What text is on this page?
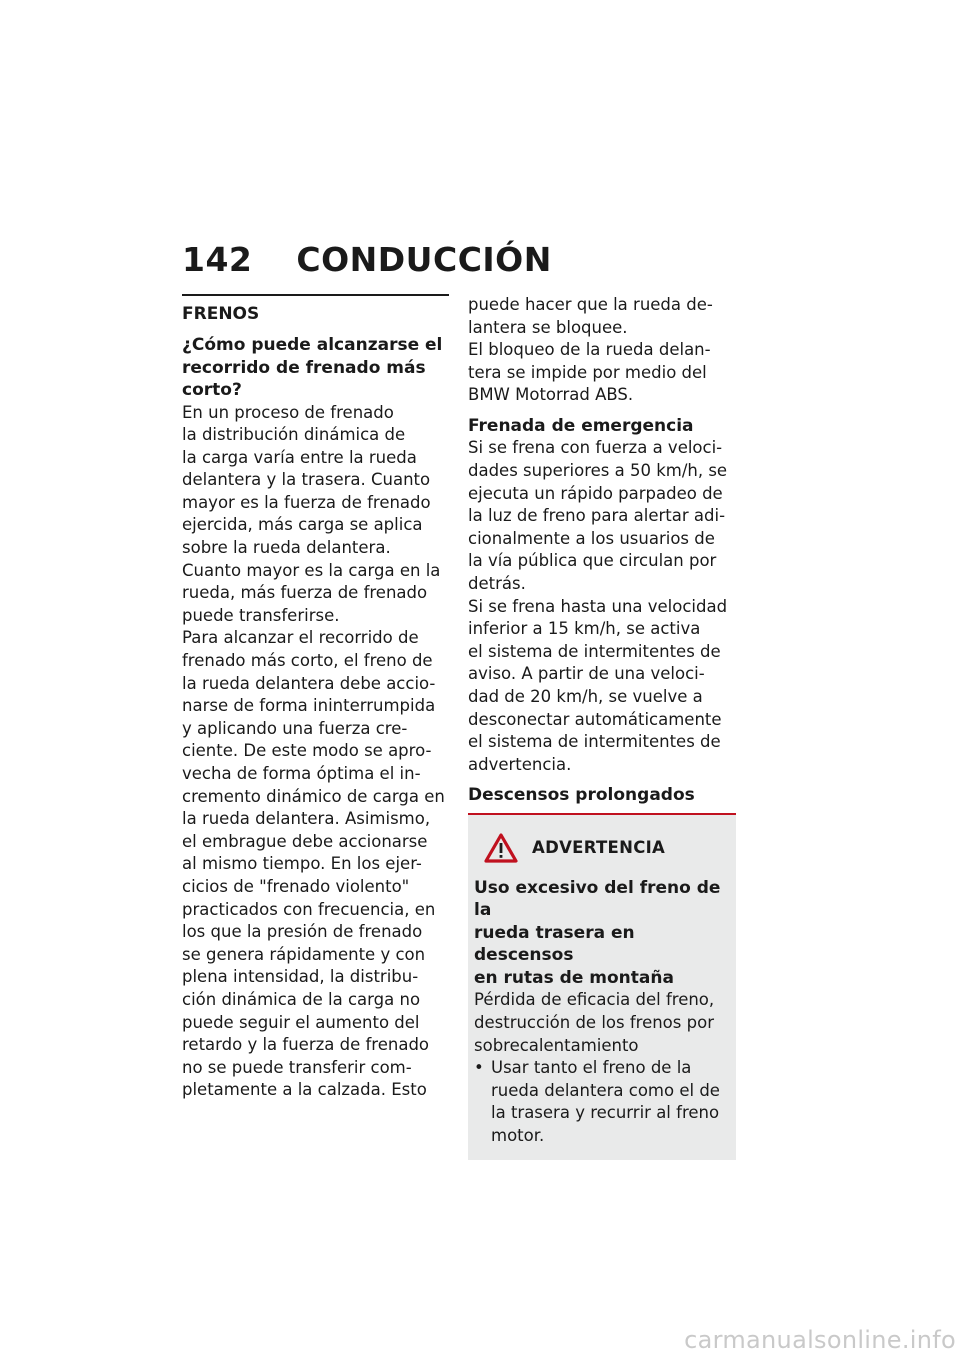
142 CONDUCCIÓN
FRENOS
¿Cómo puede alcanzarse el
recorrido de frenado más
corto?
En un proceso de frenado
la distribución dinámica de
la carga varía entre la rueda
delantera y la trasera. Cuanto
mayor es la fuerza de frenado
ejercida, más carga se aplica
sobre la rueda delantera.
Cuanto mayor es la carga en la
rueda, más fuerza de frenado
puede transferirse.
Para alcanzar el recorrido de
frenado más corto, el freno de
la rueda delantera debe accio-
narse de forma ininterrumpida
y aplicando una fuerza cre-
ciente. De este modo se apro-
vecha de forma óptima el in-
cremento dinámico de carga en
la rueda delantera. Asimismo,
el embrague debe accionarse
al mismo tiempo. En los ejer-
cicios de "frenado violento"
practicados con frecuencia, en
los que la presión de frenado
se genera rápidamente y con
plena intensidad, la distribu-
ción dinámica de la carga no
puede seguir el aumento del
retardo y la fuerza de frenado
no se puede transferir com-
pletamente a la calzada. Esto
puede hacer que la rueda de-
lantera se bloquee.
El bloqueo de la rueda delan-
tera se impide por medio del
BMW Motorrad ABS.
Frenada de emergencia
Si se frena con fuerza a veloci-
dades superiores a 50 km/h, se
ejecuta un rápido parpadeo de
la luz de freno para alertar adi-
cionalmente a los usuarios de
la vía pública que circulan por
detrás.
Si se frena hasta una velocidad
inferior a 15 km/h, se activa
el sistema de intermitentes de
aviso. A partir de una veloci-
dad de 20 km/h, se vuelve a
desconectar automáticamente
el sistema de intermitentes de
advertencia.
Descensos prolongados
ADVERTENCIA
Uso excesivo del freno de la
rueda trasera en descensos
en rutas de montaña
Pérdida de eficacia del freno,
destrucción de los frenos por
sobrecalentamiento
• Usar tanto el freno de la
rueda delantera como el de
la trasera y recurrir al freno
motor.
carmanualsonline.info
